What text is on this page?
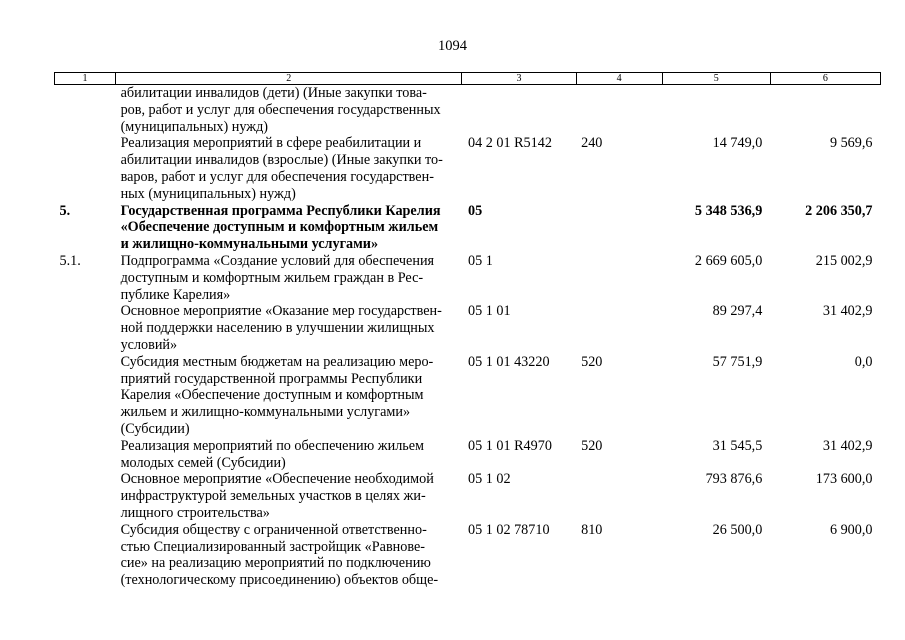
1094
1	2	3	4	5	6

	абилитации инвалидов (дети) (Иные закупки това-
ров, работ и услуг для обеспечения государственных
(муниципальных) нужд)				

	Реализация мероприятий в сфере реабилитации и
абилитации инвалидов (взрослые) (Иные закупки то-
варов, работ и услуг для обеспечения государствен-
ных (муниципальных) нужд)	04 2 01 R5142	240	14 749,0	9 569,6
5.	Государственная программа Республики Карелия
«Обеспечение доступным и комфортным жильем
и жилищно-коммунальными услугами»	05		5 348 536,9	2 206 350,7
5.1.	Подпрограмма «Создание условий для обеспечения
доступным и комфортным жильем граждан в Рес-
публике Карелия»	05 1		2 669 605,0	215 002,9

	Основное мероприятие «Оказание мер государствен-
ной поддержки населению в улучшении жилищных
условий»	05 1 01		89 297,4	31 402,9

	Субсидия местным бюджетам на реализацию меро-
приятий государственной программы Республики
Карелия «Обеспечение доступным и комфортным
жильем и жилищно-коммунальными услугами»
(Субсидии)	05 1 01 43220	520	57 751,9	0,0

	Реализация мероприятий по обеспечению жильем
молодых семей (Субсидии)	05 1 01 R4970	520	31 545,5	31 402,9

	Основное мероприятие «Обеспечение необходимой
инфраструктурой земельных участков в целях жи-
лищного строительства»	05 1 02		793 876,6	173 600,0

	Субсидия обществу с ограниченной ответственно-
стью Специализированный застройщик «Равнове-
сие» на реализацию мероприятий по подключению
(технологическому присоединению) объектов обще-	05 1 02 78710	810	26 500,0	6 900,0
